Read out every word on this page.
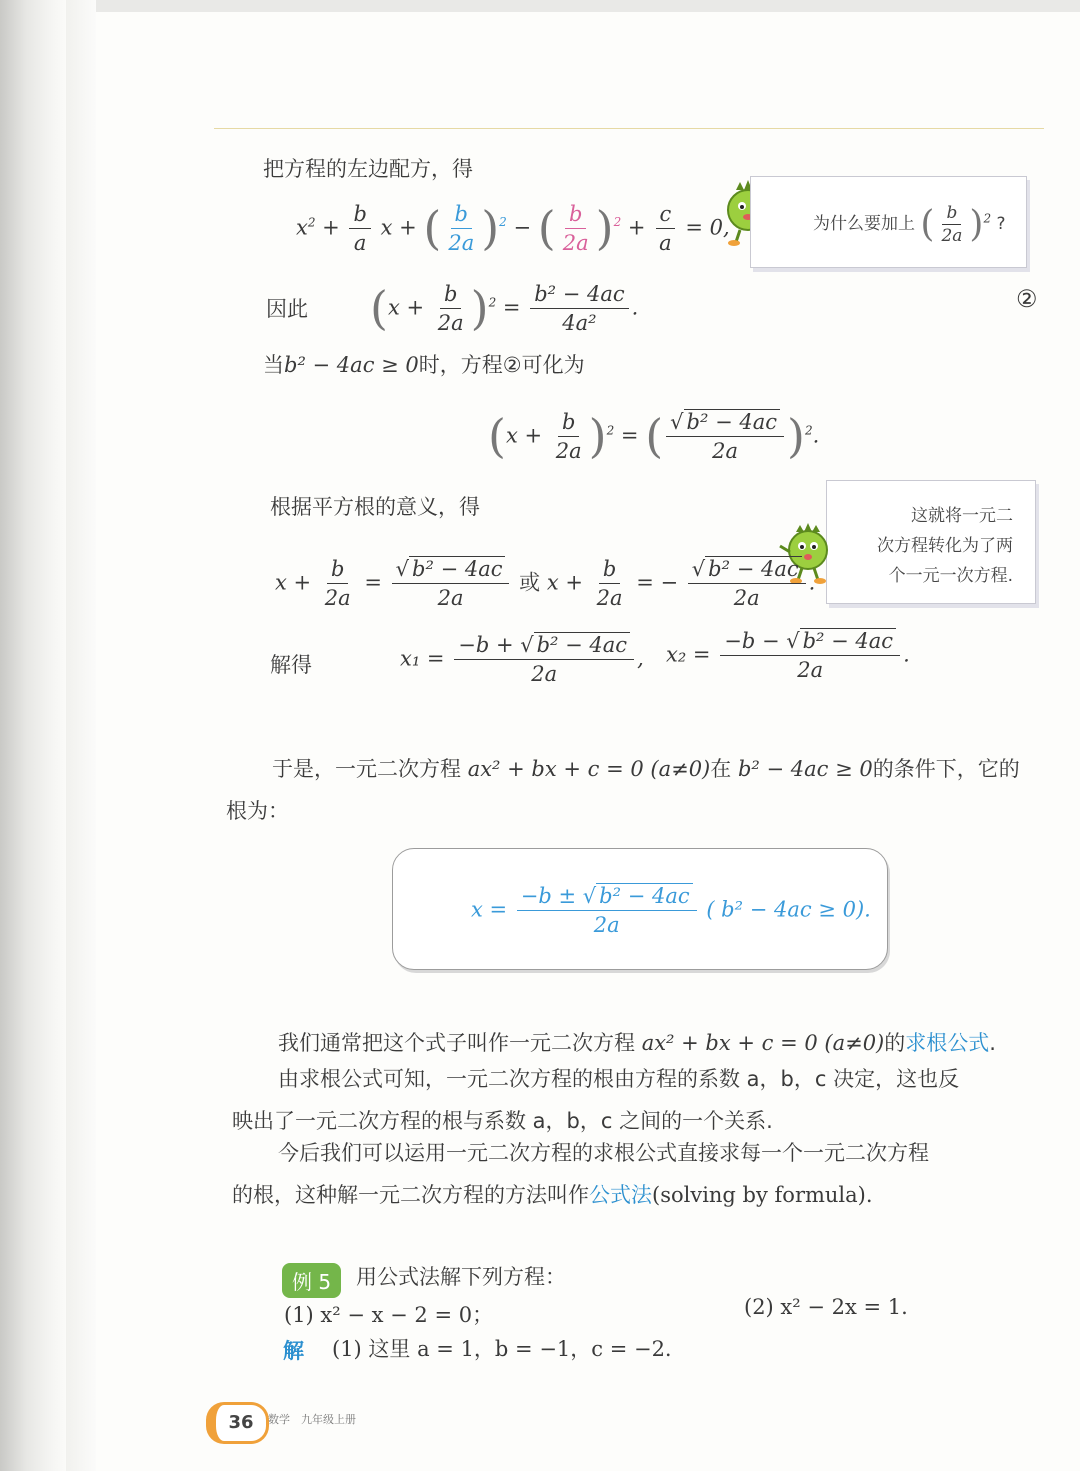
把方程的左边配方，得
$x^2 + \frac{b}{a}$ x + ( $\frac{b}{2a} )^2$ − ( $\frac{b}{2a} )^2 + \frac{c}{a} = 0$,	为什么要加上 ( $\frac{b}{2a} )^2$ ?
因此 $(x + \frac{b}{2a} )^2 = \frac{\text{b² − 4ac}}{\text{4a²}}$ .	②
当b² − 4ac ≥ 0时，方程②可化为
$(x + \frac{b}{2a} )^2$ = ( $\frac{\text{√ b² − 4ac}}{2a} )^2$.
根据平方根的意义，得	这就将一元二
次方程转化为了两
个一元一次方程.
$x + \frac{b}{2a} = \frac{\text{√ b² − 4ac}}{2a}$ 或 $x + \frac{b}{2a}$ = − $\frac{\text{√ b² − 4ac}}{2a}$ .
解得	$x_1 = \frac{\text{−b + √ b² − 4ac}}{2a}$ , $x_2 = \frac{\text{−b − √ b² − 4ac}}{2a}$ .
于是，一元二次方程 ax² + bx + c = 0 (a≠0)在 b² − 4ac ≥ 0的条件下，它的
根为：
$x = \frac{\text{−b ± √ b² − 4ac}}{2a}$ ( b² − 4ac ≥ 0).
我们通常把这个式子叫作一元二次方程 ax² + bx + c = 0 (a≠0)的求根公式.
由求根公式可知，一元二次方程的根由方程的系数 a，b，c 决定，这也反
映出了一元二次方程的根与系数 a，b，c 之间的一个关系.
今后我们可以运用一元二次方程的求根公式直接求每一个一元二次方程
的根，这种解一元二次方程的方法叫作公式法(solving by formula).
例 5	用公式法解下列方程：
(1) x² − x − 2 = 0；	(2) x² − 2x = 1.
解 (1) 这里 a = 1，b = −1，c = −2.
36	数学　九年级上册
